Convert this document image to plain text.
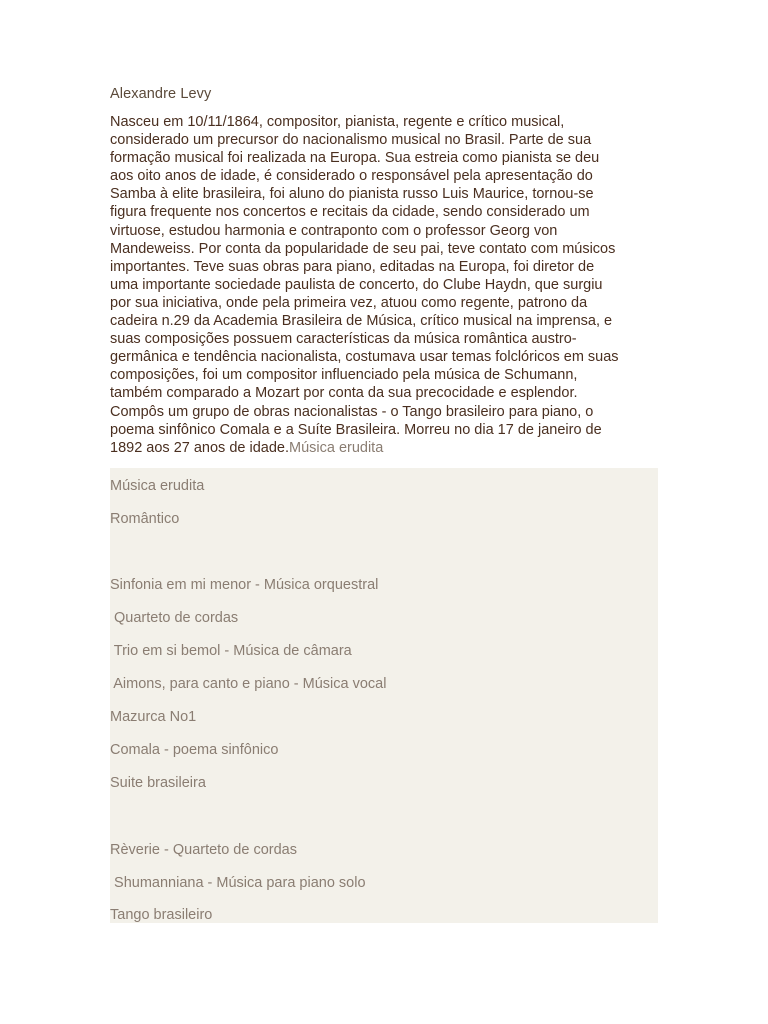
Alexandre Levy
Nasceu em 10/11/1864, compositor, pianista, regente e crítico musical,
considerado um precursor do nacionalismo musical no Brasil. Parte de sua
formação musical foi realizada na Europa. Sua estreia como pianista se deu
aos oito anos de idade, é considerado o responsável pela apresentação do
Samba à elite brasileira, foi aluno do pianista russo Luis Maurice, tornou-se
figura frequente nos concertos e recitais da cidade, sendo considerado um
virtuose, estudou harmonia e contraponto com o professor Georg von
Mandeweiss. Por conta da popularidade de seu pai, teve contato com músicos
importantes. Teve suas obras para piano, editadas na Europa, foi diretor de
uma importante sociedade paulista de concerto, do Clube Haydn, que surgiu
por sua iniciativa, onde pela primeira vez, atuou como regente, patrono da
cadeira n.29 da Academia Brasileira de Música, crítico musical na imprensa, e
suas composições possuem características da música romântica austro-
germânica e tendência nacionalista, costumava usar temas folclóricos em suas
composições, foi um compositor influenciado pela música de Schumann,
também comparado a Mozart por conta da sua precocidade e esplendor.
Compôs um grupo de obras nacionalistas - o Tango brasileiro para piano, o
poema sinfônico Comala e a Suíte Brasileira. Morreu no dia 17 de janeiro de
1892 aos 27 anos de idade.Música erudita
Música erudita
Romântico
Sinfonia em mi menor - Música orquestral
Quarteto de cordas
Trio em si bemol - Música de câmara
Aimons, para canto e piano - Música vocal
Mazurca No1
Comala - poema sinfônico
Suite brasileira
Rèverie - Quarteto de cordas
Shumanniana - Música para piano solo
Tango brasileiro
